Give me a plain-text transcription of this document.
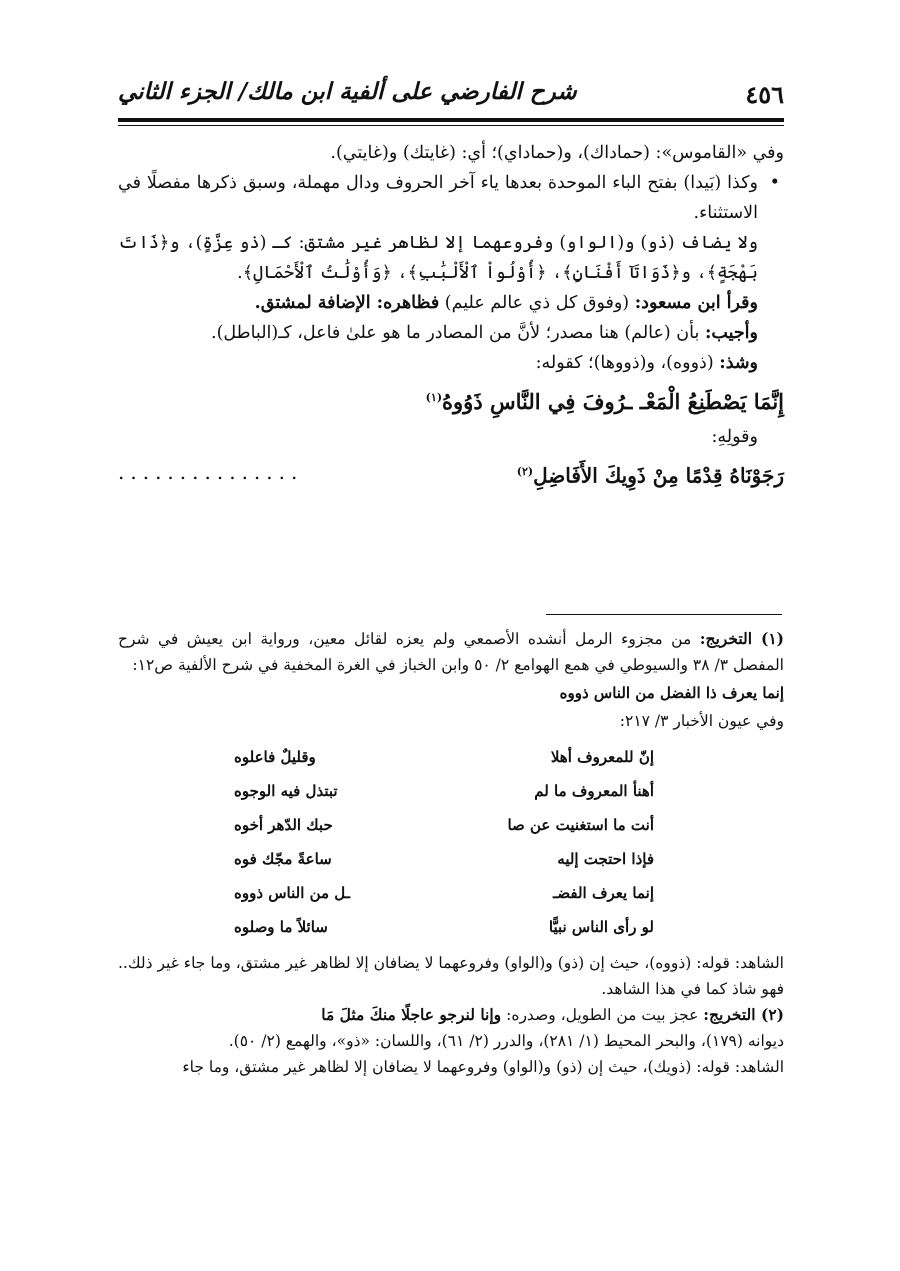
٤٥٦
شرح الفارضي على ألفية ابن مالك/ الجزء الثاني

وفي «القاموس»: (حماداك)، و(حماداي)؛ أي: (غايتك) و(غايتي).

•
وكذا (بَيدا) بفتح الباء الموحدة بعدها ياء آخر الحروف ودال مهملة، وسبق ذكرها مفصلًا في الاستثناء.

ولا يضاف (ذو) و(الواو) وفروعهما إلا لظاهر غير مشتق: كـ (ذو عِزَّةٍ)، و﴿ذَاتَ بَهْجَةٍ﴾، و﴿ذَوَاتَآ أَفْنَانٍ﴾، ﴿أُوْلُواْ ٱلْأَلْبَٰبِ﴾، ﴿وَأُوْلَٰتُ ٱلْأَحْمَالِ﴾.

وقرأ ابن مسعود: (وفوق كل ذي عالم عليم) فظاهره: الإضافة لمشتق.

وأجيب: بأن (عالم) هنا مصدر؛ لأنَّ من المصادر ما هو علىٰ فاعل، كـ(الباطل).

وشذ: (ذووه)، و(ذووها)؛ كقوله:

إِنَّمَا يَصْطَنِعُ الْمَعْـ ـرُوفَ فِي النَّاسِ ذَوُوهُ$^{(١)}$

وقولِهِ:

رَجَوْنَاهُ قِدْمًا مِنْ ذَوِيكَ الأَفَاضِلِ$^{(٢)}$
...............

(١) التخريج: من مجزوء الرمل أنشده الأصمعي ولم يعزه لقائل معين، ورواية ابن يعيش في شرح المفصل ٣/ ٣٨ والسيوطي في همع الهوامع ٢/ ٥٠ وابن الخباز في الغرة المخفية في شرح الألفية ص١٢:

إنما يعرف ذا الفضل من الناس ذووه

وفي عيون الأخبار ٣/ ٢١٧:

إنّ للمعروف أهلا
وقليلٌ فاعلوه
أهنأ المعروف ما لم
تبتذل فيه الوجوه
أنت ما استغنيت عن صا
حبك الدّهر أخوه
فإذا احتجت إليه
ساعةً مجّك فوه
إنما يعرف الفضـ
ـل من الناس ذووه
لو رأى الناس نبيًّا
سائلاً ما وصلوه

الشاهد: قوله: (ذووه)، حيث إن (ذو) و(الواو) وفروعهما لا يضافان إلا لظاهر غير مشتق، وما جاء غير ذلك.. فهو شاذ كما في هذا الشاهد.

(٢) التخريج: عجز بيت من الطويل، وصدره: وإنا لنرجو عاجلًا منكَ مثلَ مَا

ديوانه (١٧٩)، والبحر المحيط (١/ ٢٨١)، والدرر (٢/ ٦١)، واللسان: «ذو»، والهمع (٢/ ٥٠).

الشاهد: قوله: (ذويك)، حيث إن (ذو) و(الواو) وفروعهما لا يضافان إلا لظاهر غير مشتق، وما جاء
